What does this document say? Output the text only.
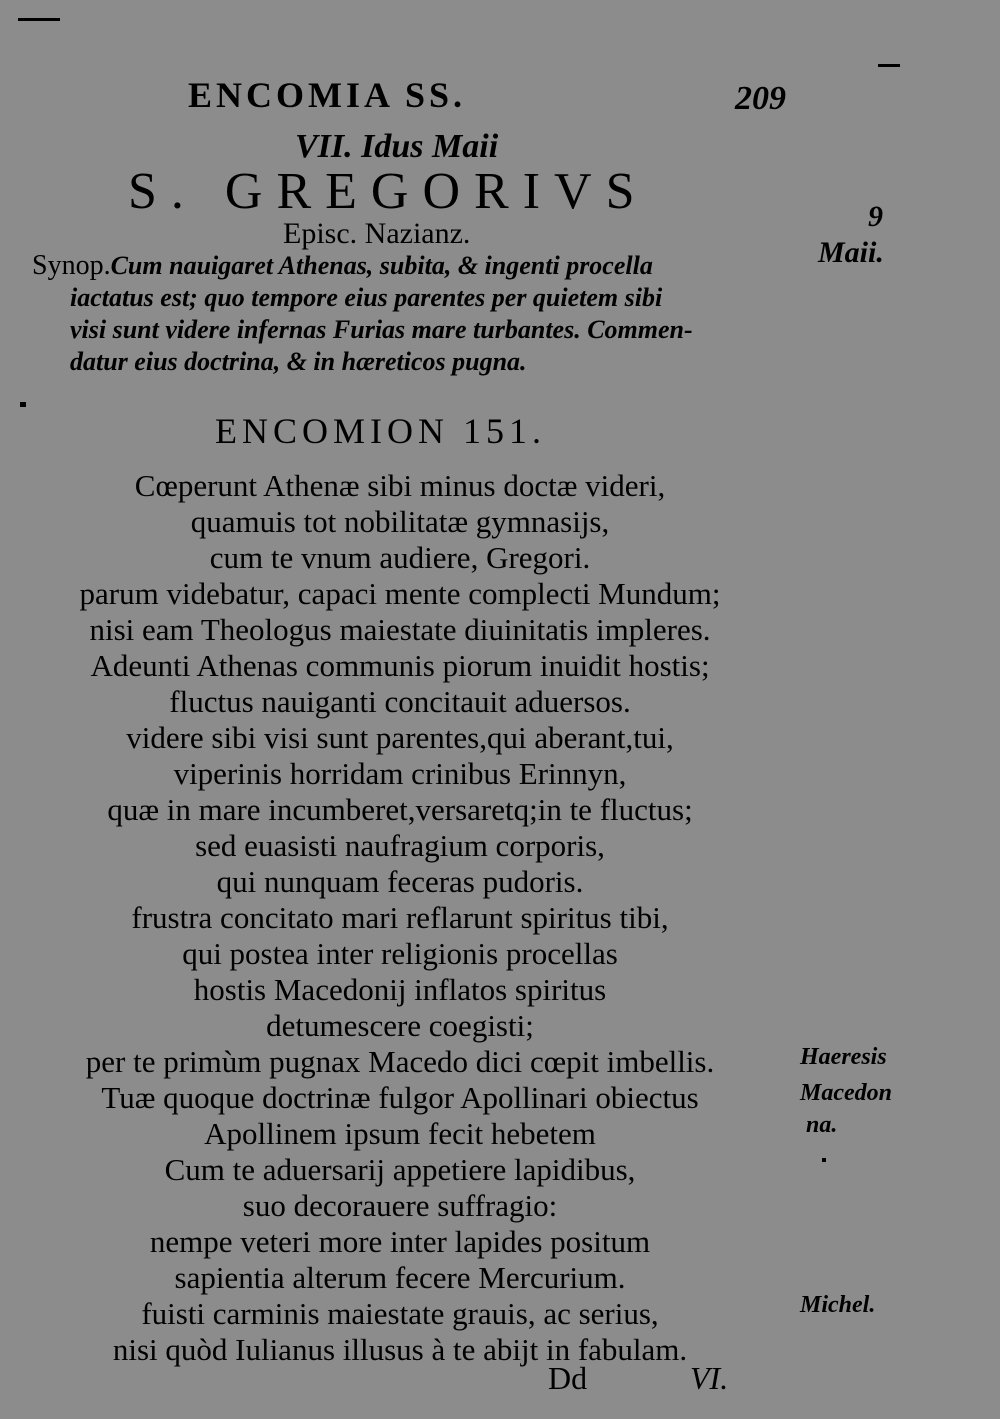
ENCOMIA SS.	209
VII. Idus Maii
S. GREGORIVS
Episc. Nazianz.

Synop.Cum nauigaret Athenas, subita, & ingenti procella

iactatus est; quo tempore eius parentes per quietem sibi

visi sunt videre infernas Furias mare turbantes. Commen-

datur eius doctrina, & in hæreticos pugna.

ENCOMION 151.
Cœperunt Athenæ sibi minus doctæ videri,
quamuis tot nobilitatæ gymnasijs,
cum te vnum audiere, Gregori.
parum videbatur, capaci mente complecti Mundum;
nisi eam Theologus maiestate diuinitatis impleres.
Adeunti Athenas communis piorum inuidit hostis;
fluctus nauiganti concitauit aduersos.
videre sibi visi sunt parentes,qui aberant,tui,
viperinis horridam crinibus Erinnyn,
quæ in mare incumberet,versaretq;in te fluctus;
sed euasisti naufragium corporis,
qui nunquam feceras pudoris.
frustra concitato mari reflarunt spiritus tibi,
qui postea inter religionis procellas
hostis Macedonij inflatos spiritus
detumescere coegisti;
per te primùm pugnax Macedo dici cœpit imbellis.
Tuæ quoque doctrinæ fulgor Apollinari obiectus
Apollinem ipsum fecit hebetem
Cum te aduersarij appetiere lapidibus,
suo decorauere suffragio:
nempe veteri more inter lapides positum
sapientia alterum fecere Mercurium.
fuisti carminis maiestate grauis, ac serius,
nisi quòd Iulianus illusus à te abijt in fabulam.
9
Maii.
Haeresis
Macedon
na.
Michel.
Dd	VI.
